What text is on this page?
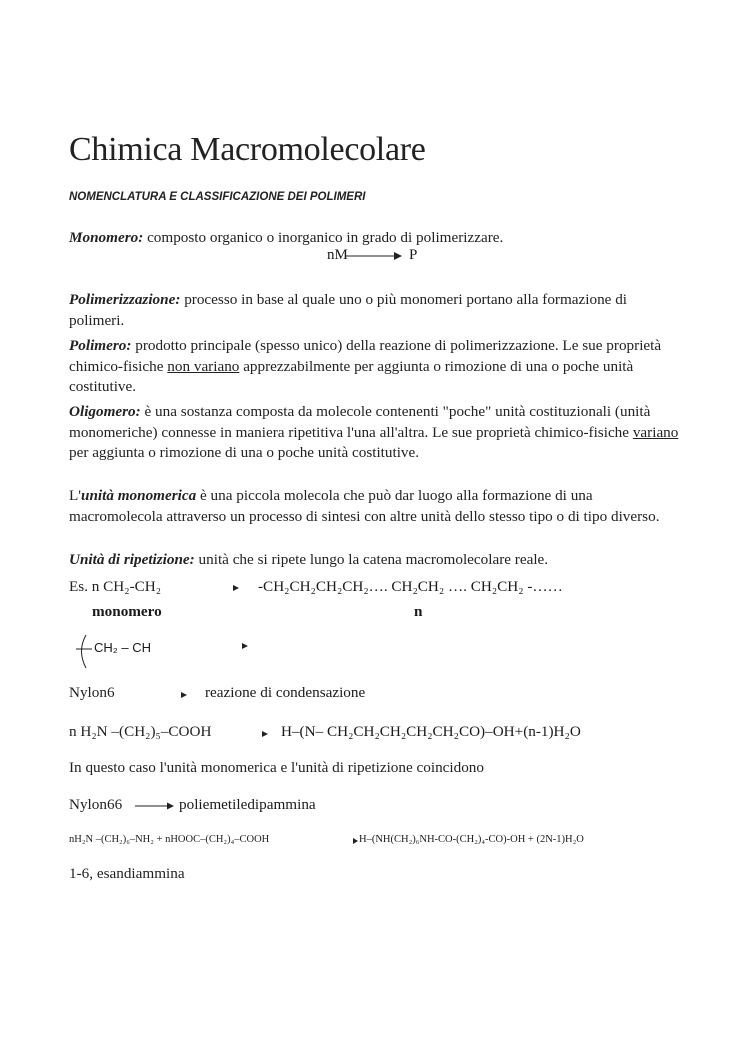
Chimica Macromolecolare
NOMENCLATURA E CLASSIFICAZIONE DEI POLIMERI
Monomero: composto organico o inorganico in grado di polimerizzare.
nM → P
Polimerizzazione: processo in base al quale uno o più monomeri portano alla formazione di polimeri.
Polimero: prodotto principale (spesso unico) della reazione di polimerizzazione. Le sue proprietà chimico-fisiche non variano apprezzabilmente per aggiunta o rimozione di una o poche unità costitutive.
Oligomero: è una sostanza composta da molecole contenenti "poche" unità costituzionali (unità monomeriche) connesse in maniera ripetitiva l'una all'altra. Le sue proprietà chimico-fisiche variano per aggiunta o rimozione di una o poche unità costitutive.
L'unità monomerica è una piccola molecola che può dar luogo alla formazione di una macromolecola attraverso un processo di sintesi con altre unità dello stesso tipo o di tipo diverso.
Unità di ripetizione: unità che si ripete lungo la catena macromolecolare reale.
Es. n CH₂-CH₂	-CH₂CH₂CH₂CH₂…. CH₂CH₂ …. CH₂CH₂ -……
monomero	n
CH₂ – CH
Nylon6	reazione di condensazione
n H₂N –(CH₂)₅–COOH	H–(N– CH₂CH₂CH₂CH₂CH₂CO)–OH+(n-1)H₂O
In questo caso l'unità monomerica e l'unità di ripetizione coincidono
Nylon66	poliemetiledipammina
nH₂N –(CH₂)₆–NH₂ + nHOOC–(CH₂)₄–COOH	H–(NH(CH₂)₆NH-CO-(CH₂)₄-CO)-OH + (2N-1)H₂O
1-6, esandiammina
